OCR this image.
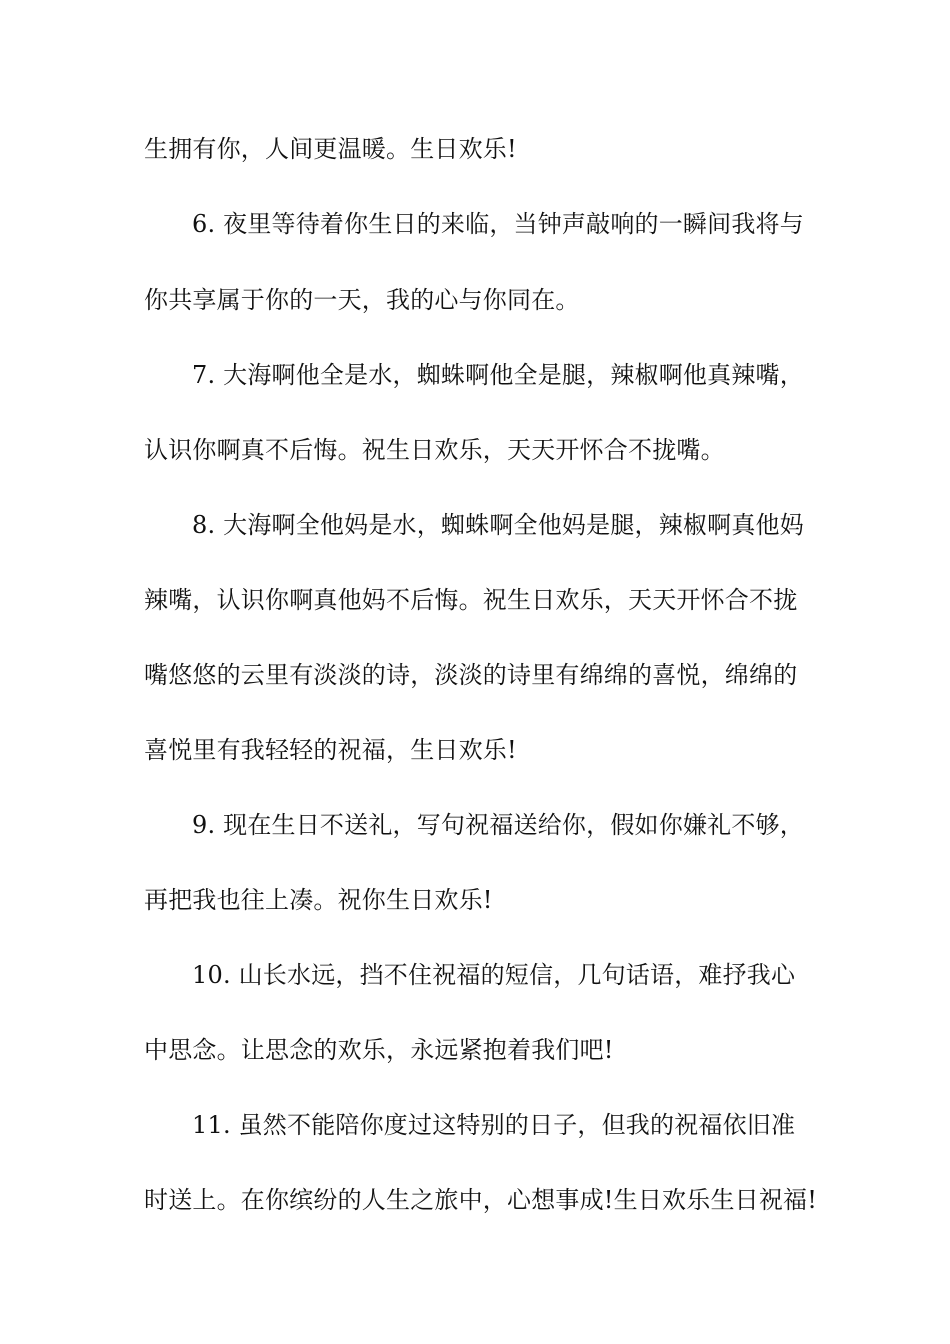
生拥有你，人间更温暖。生日欢乐!
6. 夜里等待着你生日的来临，当钟声敲响的一瞬间我将与
你共享属于你的一天，我的心与你同在。
7. 大海啊他全是水，蜘蛛啊他全是腿，辣椒啊他真辣嘴，
认识你啊真不后悔。祝生日欢乐，天天开怀合不拢嘴。
8. 大海啊全他妈是水，蜘蛛啊全他妈是腿，辣椒啊真他妈
辣嘴，认识你啊真他妈不后悔。祝生日欢乐，天天开怀合不拢
嘴悠悠的云里有淡淡的诗，淡淡的诗里有绵绵的喜悦，绵绵的
喜悦里有我轻轻的祝福，生日欢乐!
9. 现在生日不送礼，写句祝福送给你，假如你嫌礼不够，
再把我也往上凑。祝你生日欢乐!
10. 山长水远，挡不住祝福的短信，几句话语，难抒我心
中思念。让思念的欢乐，永远紧抱着我们吧!
11. 虽然不能陪你度过这特别的日子，但我的祝福依旧准
时送上。在你缤纷的人生之旅中，心想事成!生日欢乐生日祝福!
